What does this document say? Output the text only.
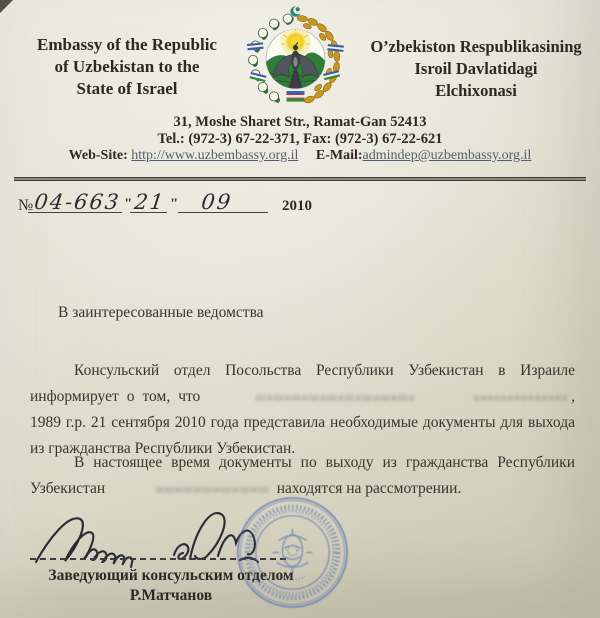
Embassy of the Republic
of Uzbekistan to the
State of Israel
O’zbekiston Respublikasining
Isroil Davlatidagi
Elchixonasi
31, Moshe Sharet Str., Ramat-Gan 52413
Tel.: (972-3) 67-22-371, Fax: (972-3) 67-22-621
Web-Site: http://www.uzbembassy.org.il E-Mail:admindep@uzbembassy.org.il
№ 04-663 " 21 " 09	2010
В заинтересованные ведомства
Консульский отдел Посольства Республики Узбекистан в Израиле информирует о том, что	шашашашашашашашаша	аааааааааааааа , 1989 г.р. 21 сентября 2010 года представила необходимые документы для выхода из гражданства Республики Узбекистан.
В настоящее время документы по выходу из гражданства Республики Узбекистан	ишишишишишиш находятся на рассмотрении.
Заведующий консульским отделом
Р.Матчанов
